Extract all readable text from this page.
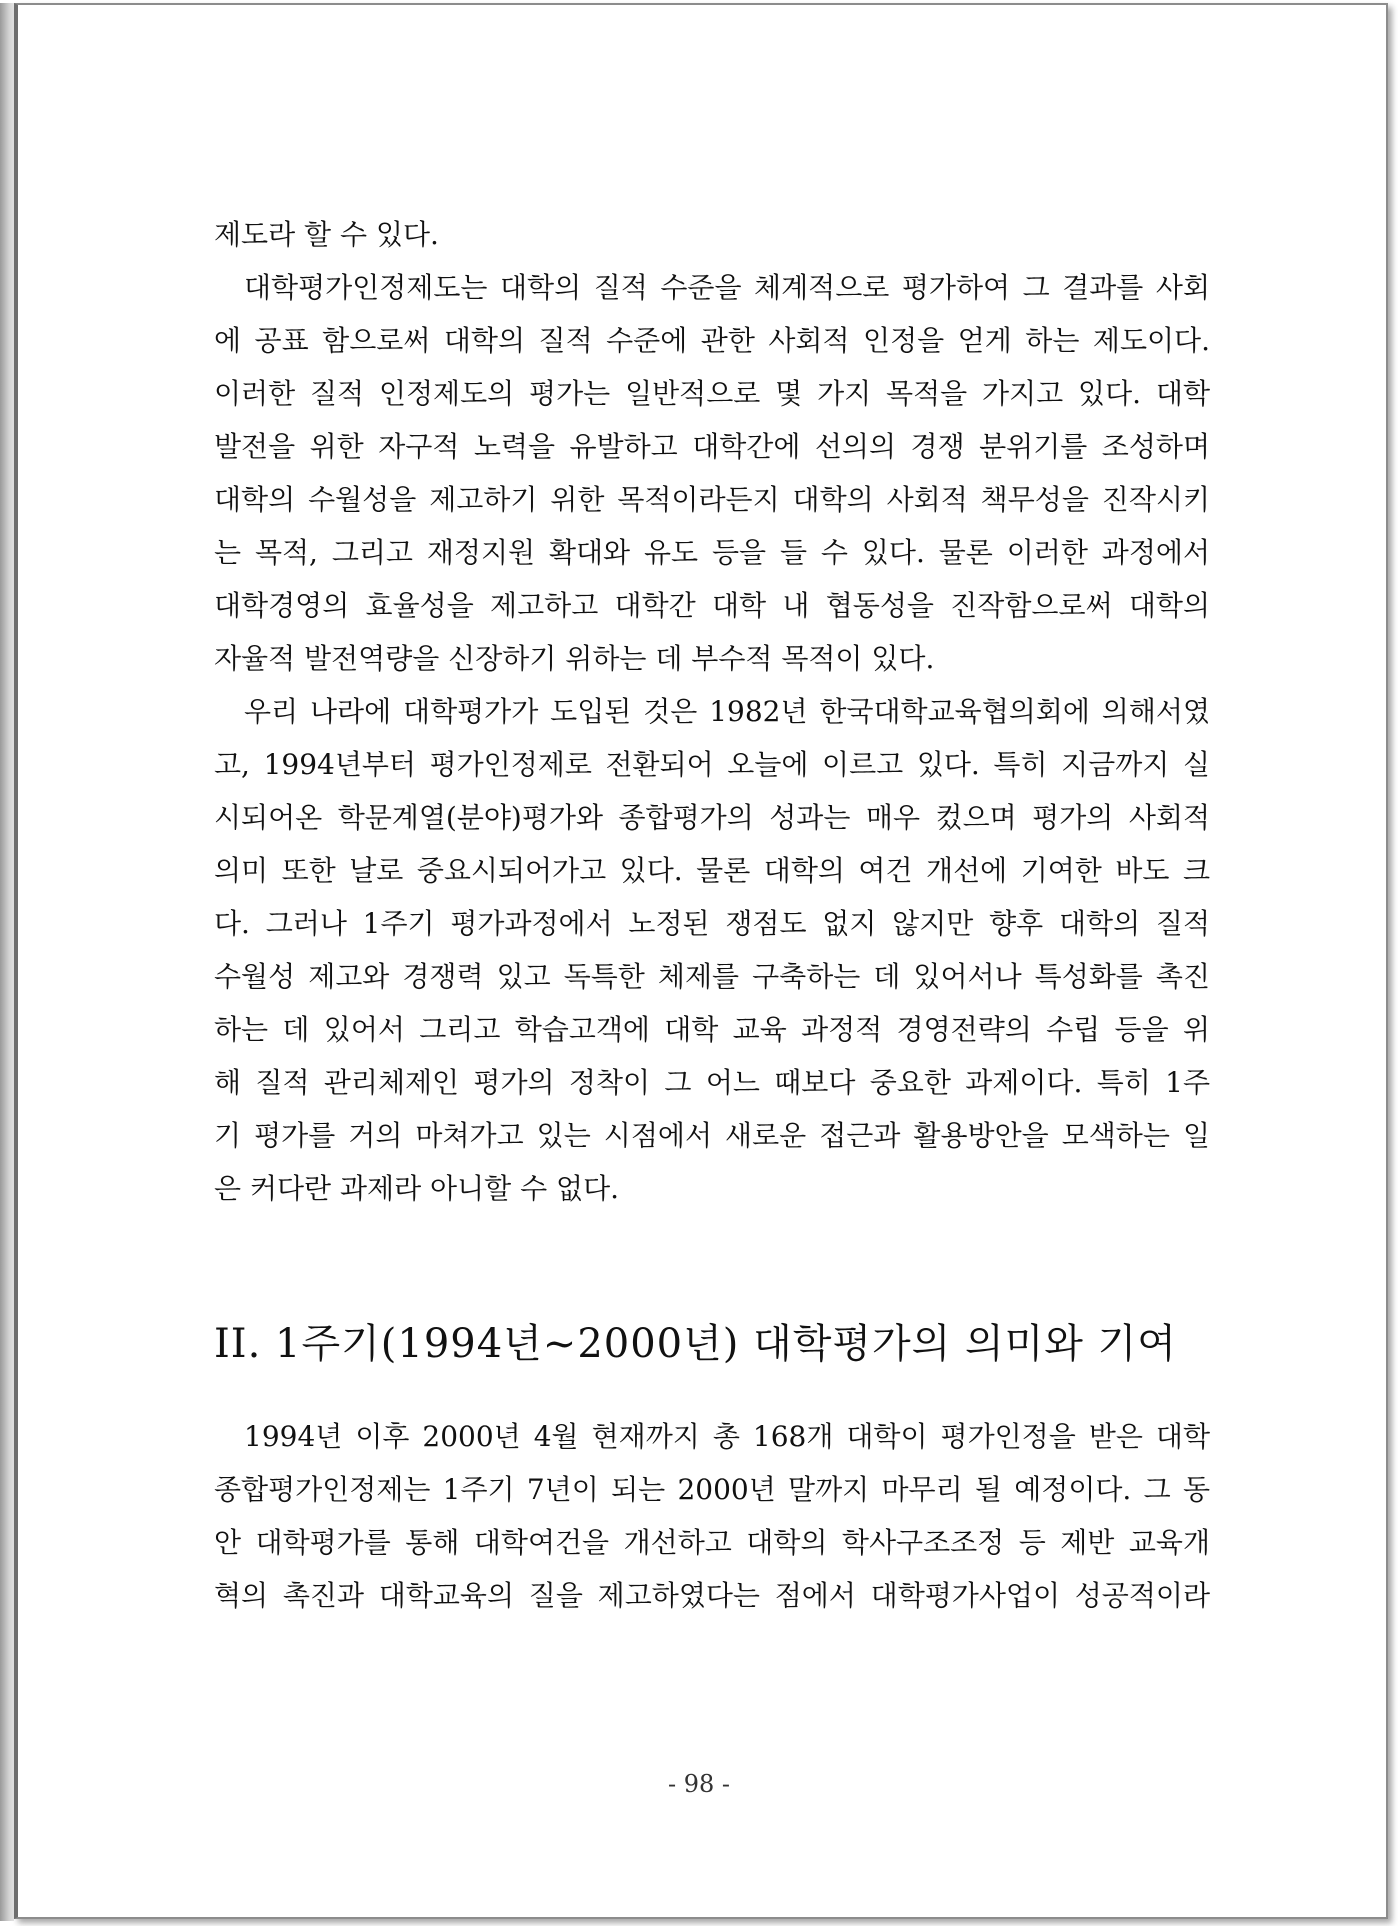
제도라 할 수 있다.
대학평가인정제도는 대학의 질적 수준을 체계적으로 평가하여 그 결과를 사회
에 공표 함으로써 대학의 질적 수준에 관한 사회적 인정을 얻게 하는 제도이다.
이러한 질적 인정제도의 평가는 일반적으로 몇 가지 목적을 가지고 있다. 대학
발전을 위한 자구적 노력을 유발하고 대학간에 선의의 경쟁 분위기를 조성하며
대학의 수월성을 제고하기 위한 목적이라든지 대학의 사회적 책무성을 진작시키
는 목적, 그리고 재정지원 확대와 유도 등을 들 수 있다. 물론 이러한 과정에서
대학경영의 효율성을 제고하고 대학간 대학 내 협동성을 진작함으로써 대학의
자율적 발전역량을 신장하기 위하는 데 부수적 목적이 있다.
우리 나라에 대학평가가 도입된 것은 1982년 한국대학교육협의회에 의해서였
고, 1994년부터 평가인정제로 전환되어 오늘에 이르고 있다. 특히 지금까지 실
시되어온 학문계열(분야)평가와 종합평가의 성과는 매우 컸으며 평가의 사회적
의미 또한 날로 중요시되어가고 있다. 물론 대학의 여건 개선에 기여한 바도 크
다. 그러나 1주기 평가과정에서 노정된 쟁점도 없지 않지만 향후 대학의 질적
수월성 제고와 경쟁력 있고 독특한 체제를 구축하는 데 있어서나 특성화를 촉진
하는 데 있어서 그리고 학습고객에 대학 교육 과정적 경영전략의 수립 등을 위
해 질적 관리체제인 평가의 정착이 그 어느 때보다 중요한 과제이다. 특히 1주
기 평가를 거의 마쳐가고 있는 시점에서 새로운 접근과 활용방안을 모색하는 일
은 커다란 과제라 아니할 수 없다.
II. 1주기(1994년~2000년) 대학평가의 의미와 기여
1994년 이후 2000년 4월 현재까지 총 168개 대학이 평가인정을 받은 대학
종합평가인정제는 1주기 7년이 되는 2000년 말까지 마무리 될 예정이다. 그 동
안 대학평가를 통해 대학여건을 개선하고 대학의 학사구조조정 등 제반 교육개
혁의 촉진과 대학교육의 질을 제고하였다는 점에서 대학평가사업이 성공적이라
- 98 -
